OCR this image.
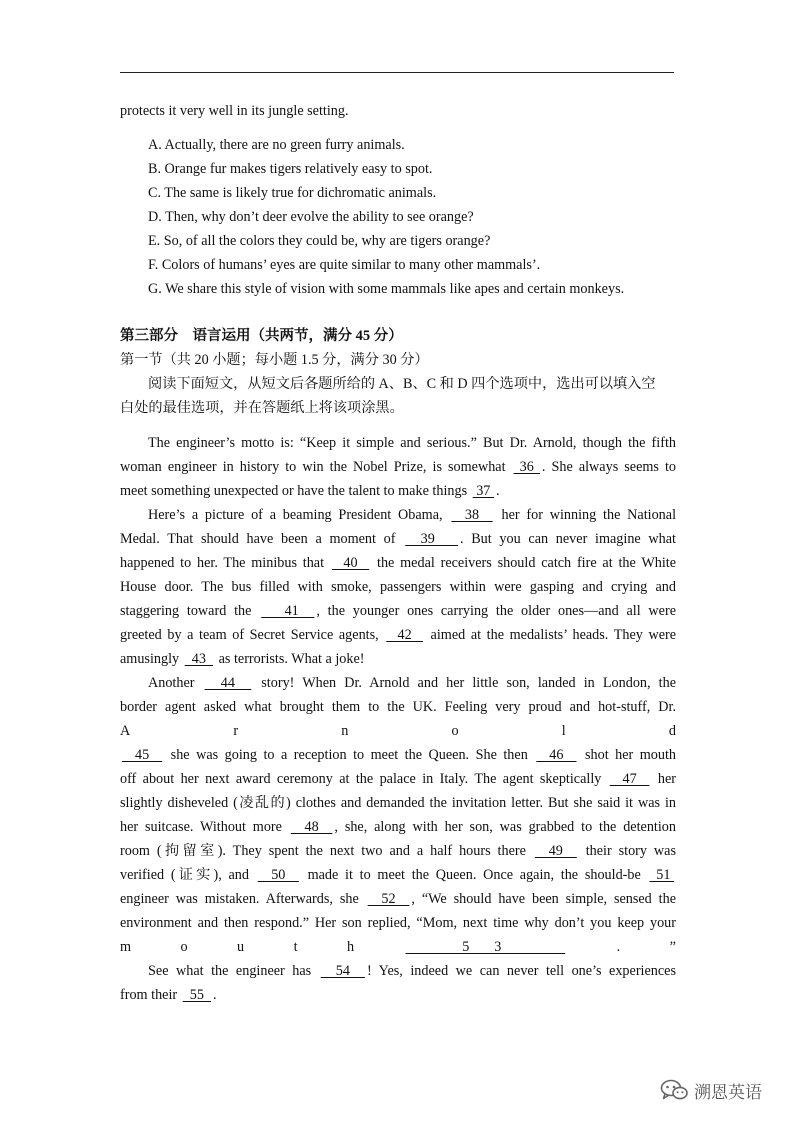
protects it very well in its jungle setting.
A. Actually, there are no green furry animals.
B. Orange fur makes tigers relatively easy to spot.
C. The same is likely true for dichromatic animals.
D. Then, why don’t deer evolve the ability to see orange?
E. So, of all the colors they could be, why are tigers orange?
F. Colors of humans’ eyes are quite similar to many other mammals’.
G. We share this style of vision with some mammals like apes and certain monkeys.
第三部分　语言运用（共两节，满分 45 分）
第一节（共 20 小题；每小题 1.5 分，满分 30 分）
阅读下面短文，从短文后各题所给的 A、B、C 和 D 四个选项中，选出可以填入空
白处的最佳选项，并在答题纸上将该项涂黑。
The engineer’s motto is: “Keep it simple and serious.” But Dr. Arnold, though the fifth
woman engineer in history to win the Nobel Prize, is somewhat  36 . She always seems to
meet something unexpected or have the talent to make things  37 .
Here’s a picture of a beaming President Obama,   38   her for winning the National
Medal. That should have been a moment of   39   . But you can never imagine what
happened to her. The minibus that   40   the medal receivers should catch fire at the White
House door. The bus filled with smoke, passengers within were gasping and crying and
staggering toward the    41  , the younger ones carrying the older ones—and all were
greeted by a team of Secret Service agents,   42   aimed at the medalists’ heads. They were
amusingly   43   as terrorists. What a joke!
Another   44   story! When Dr. Arnold and her little son, landed in London, the
border agent asked what brought them to the UK. Feeling very proud and hot-stuff, Dr.
A	r	n	o	l	d
45   she was going to a reception to meet the Queen. She then   46   shot her mouth
off about her next award ceremony at the palace in Italy. The agent skeptically   47   her
slightly disheveled (凌乱的) clothes and demanded the invitation letter. But she said it was in
her suitcase. Without more   48  , she, along with her son, was grabbed to the detention
room (拘留室). They spent the next two and a half hours there   49   their story was
verified (证实), and   50   made it to meet the Queen. Once again, the should-be  51
engineer was mistaken. Afterwards, she   52  , “We should have been simple, sensed the
environment and then respond.” Her son replied, “Mom, next time why don’t you keep your
m	o	u	t	h	5       3	.	”
See what the engineer has   54  ! Yes, indeed we can never tell one’s experiences
from their   55  .
溯恩英语
